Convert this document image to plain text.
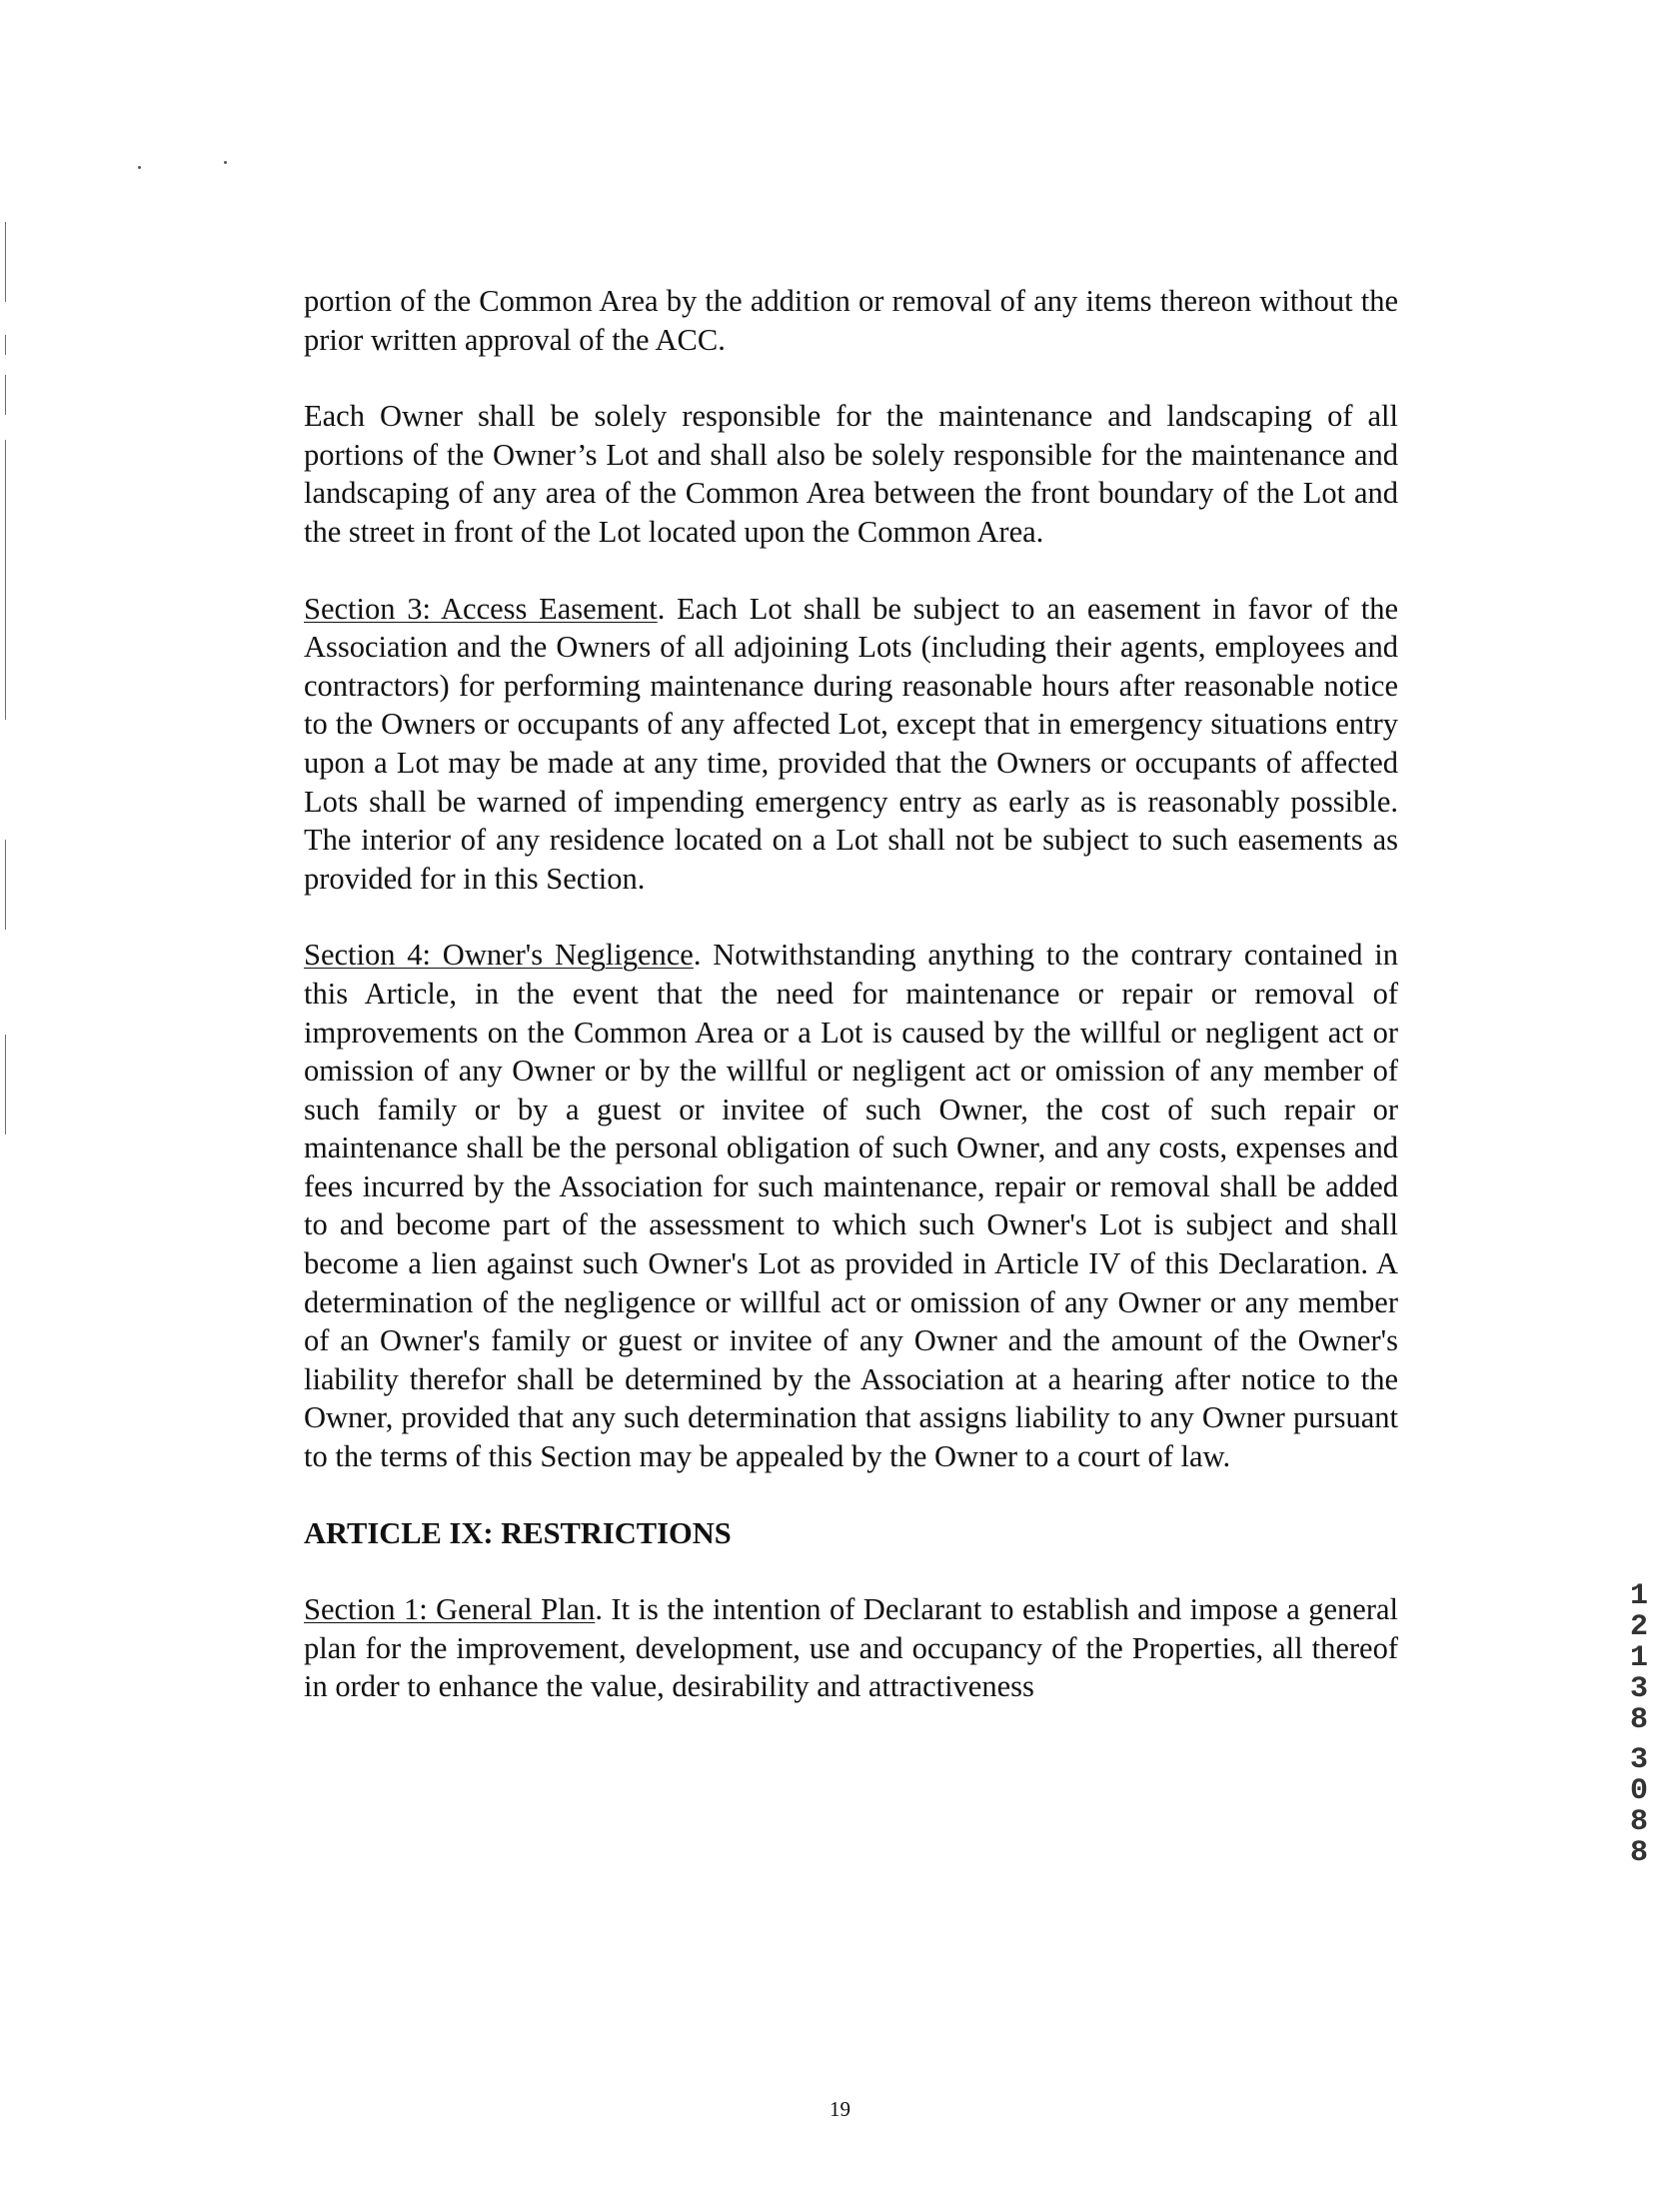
portion of the Common Area by the addition or removal of any items thereon without the prior written approval of the ACC.

Each Owner shall be solely responsible for the maintenance and landscaping of all portions of the Owner’s Lot and shall also be solely responsible for the maintenance and landscaping of any area of the Common Area between the front boundary of the Lot and the street in front of the Lot located upon the Common Area.

Section 3: Access Easement. Each Lot shall be subject to an easement in favor of the Association and the Owners of all adjoining Lots (including their agents, employees and contractors) for performing maintenance during reasonable hours after reasonable notice to the Owners or occupants of any affected Lot, except that in emergency situations entry upon a Lot may be made at any time, provided that the Owners or occupants of affected Lots shall be warned of impending emergency entry as early as is reasonably possible. The interior of any residence located on a Lot shall not be subject to such easements as provided for in this Section.

Section 4: Owner's Negligence. Notwithstanding anything to the contrary contained in this Article, in the event that the need for maintenance or repair or removal of improvements on the Common Area or a Lot is caused by the willful or negligent act or omission of any Owner or by the willful or negligent act or omission of any member of such family or by a guest or invitee of such Owner, the cost of such repair or maintenance shall be the personal obligation of such Owner, and any costs, expenses and fees incurred by the Association for such maintenance, repair or removal shall be added to and become part of the assessment to which such Owner's Lot is subject and shall become a lien against such Owner's Lot as provided in Article IV of this Declaration. A determination of the negligence or willful act or omission of any Owner or any member of an Owner's family or guest or invitee of any Owner and the amount of the Owner's liability therefor shall be determined by the Association at a hearing after notice to the Owner, provided that any such determination that assigns liability to any Owner pursuant to the terms of this Section may be appealed by the Owner to a court of law.

ARTICLE IX: RESTRICTIONS

Section 1: General Plan. It is the intention of Declarant to establish and impose a general plan for the improvement, development, use and occupancy of the Properties, all thereof in order to enhance the value, desirability and attractiveness

1
2
1
3
8
3
0
8
8
19
